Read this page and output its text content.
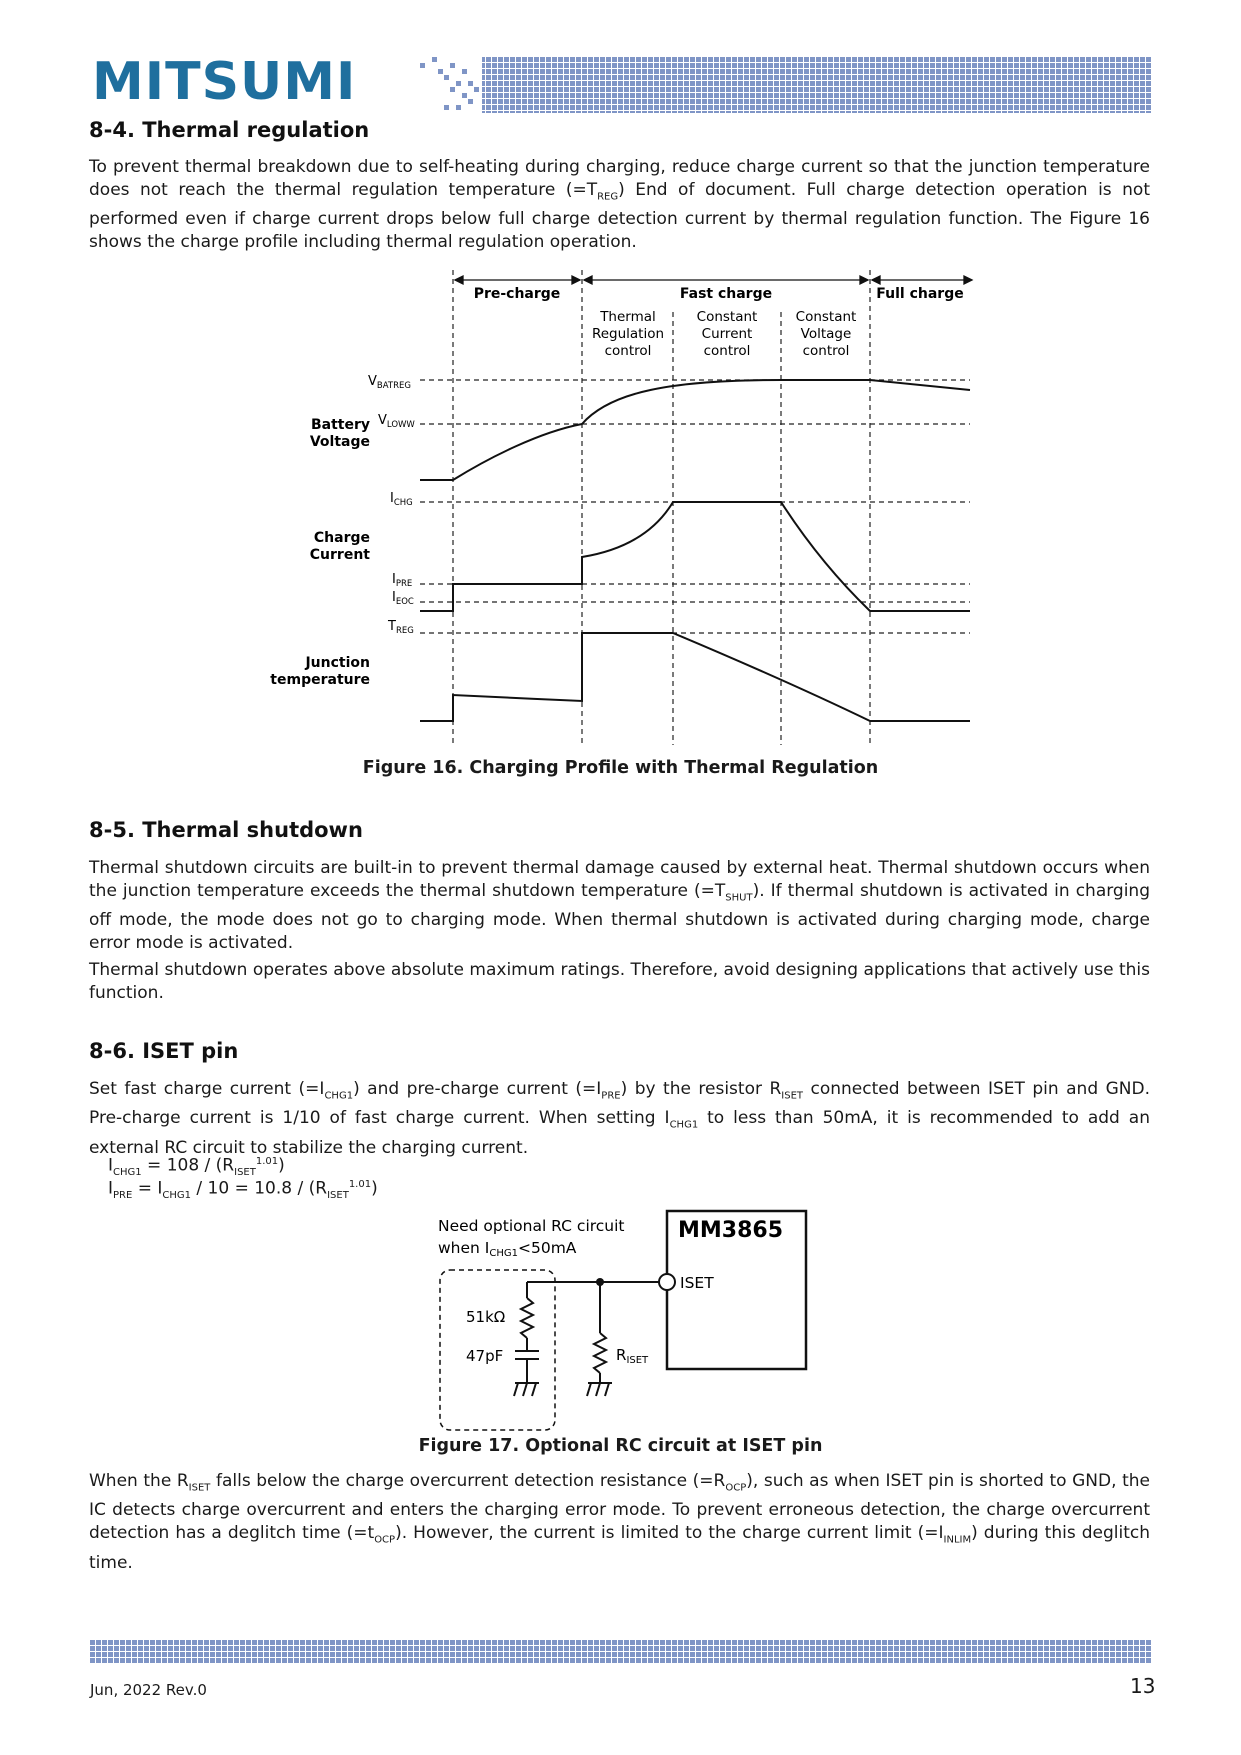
MITSUMI
8-4. Thermal regulation

To prevent thermal breakdown due to self-heating during charging, reduce charge current so that the junction temperature does not reach the thermal regulation temperature $(=T_{REG})$ End of document. Full charge detection operation is not performed even if charge current drops below full charge detection current by thermal regulation function. The Figure 16 shows the charge profile including thermal regulation operation.

Pre-charge	Fast charge	Full charge
Thermal
Regulation
control
Constant
Current
control
Constant
Voltage
control
Battery
Voltage
Charge
Current
Junction
temperature
$V_{BATREG}$
$V_{LOWW}$
$I_{CHG}$
$I_{PRE}$
$I_{EOC}$
$T_{REG}$
Figure 16. Charging Profile with Thermal Regulation
8-5. Thermal shutdown

Thermal shutdown circuits are built-in to prevent thermal damage caused by external heat. Thermal shutdown occurs when the junction temperature exceeds the thermal shutdown temperature $(=T_{SHUT})$. If thermal shutdown is activated in charging off mode, the mode does not go to charging mode. When thermal shutdown is activated during charging mode, charge error mode is activated.

Thermal shutdown operates above absolute maximum ratings. Therefore, avoid designing applications that actively use this function.

8-6. ISET pin

Set fast charge current $(=I_{CHG1})$ and pre-charge current $(=I_{PRE})$ by the resistor $R_{ISET}$ connected between ISET pin and GND. Pre-charge current is 1/10 of fast charge current. When setting $I_{CHG1}$ to less than 50mA, it is recommended to add an external RC circuit to stabilize the charging current.

$I_{CHG1} = 108 / (R_{ISET}^{1.01})$
$I_{PRE} = I_{CHG1} / 10 = 10.8 / (R_{ISET}^{1.01})$
Need optional RC circuit
when ICHG1<50mA
MM3865
ISET
51kΩ
47pF	$R_{ISET}$
Figure 17. Optional RC circuit at ISET pin

When the $R_{ISET}$ falls below the charge overcurrent detection resistance $(=R_{OCP})$, such as when ISET pin is shorted to GND, the IC detects charge overcurrent and enters the charging error mode. To prevent erroneous detection, the charge overcurrent detection has a deglitch time $(=t_{OCP})$. However, the current is limited to the charge current limit $(=I_{INLIM})$ during this deglitch time.

Jun, 2022 Rev.0	13
